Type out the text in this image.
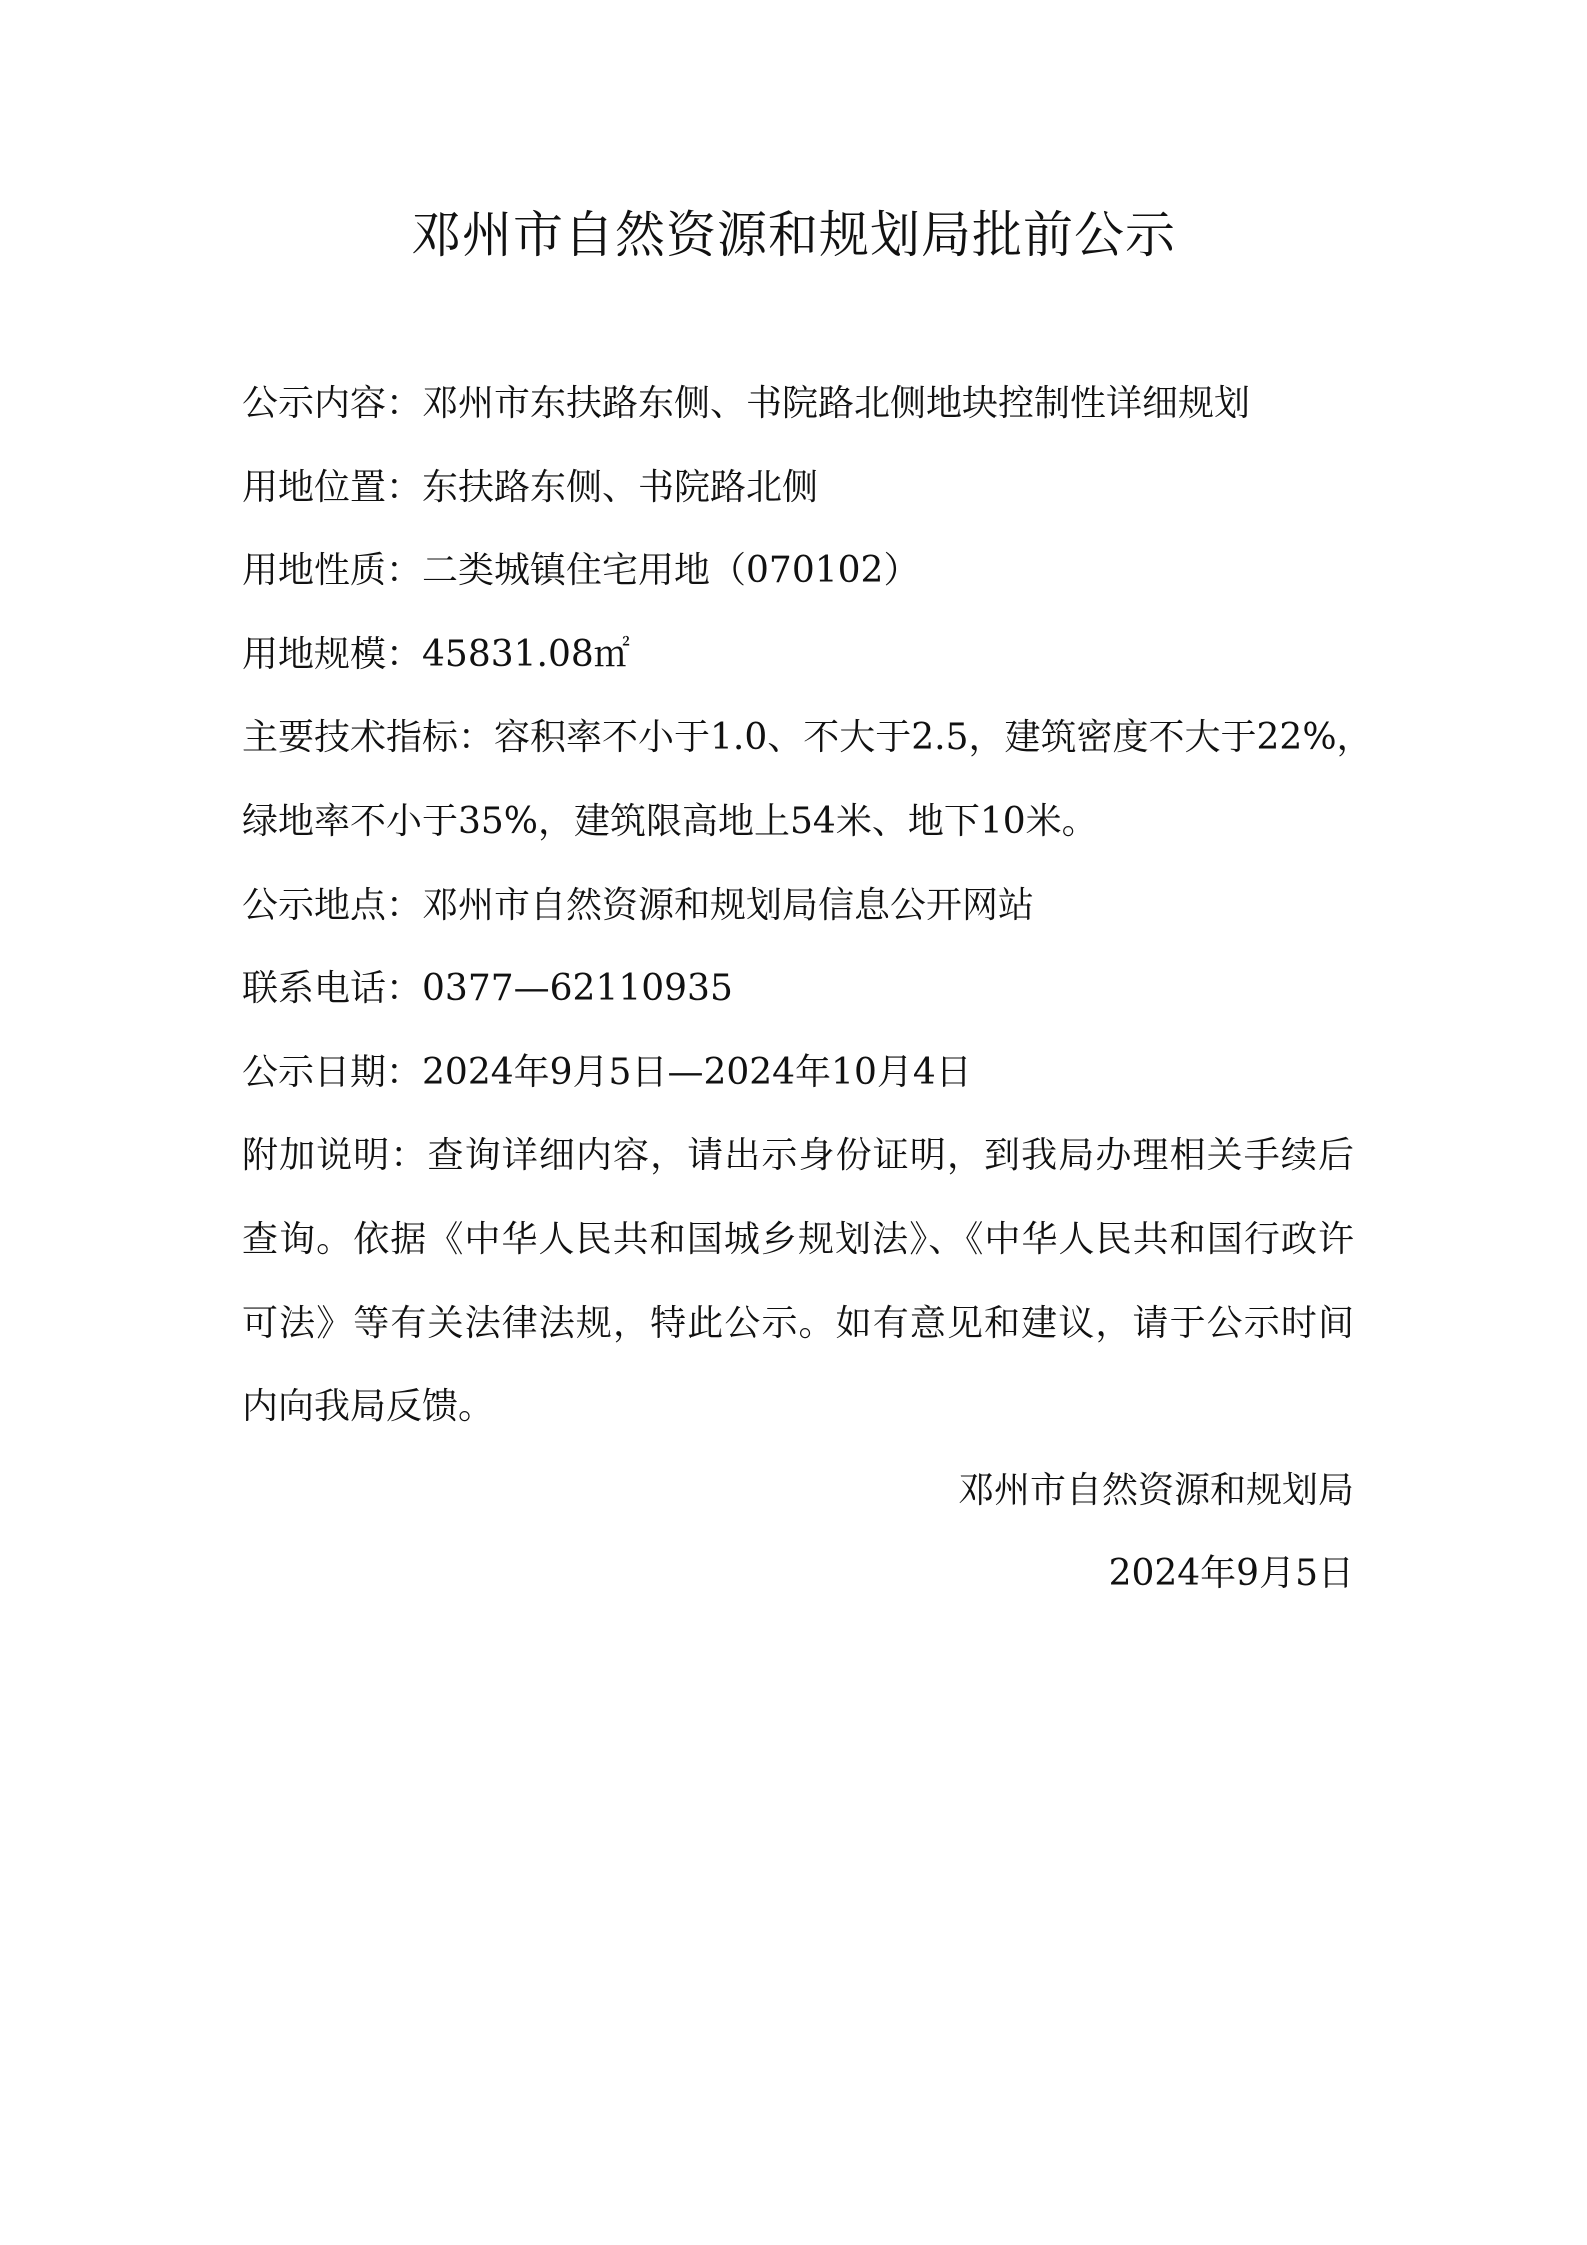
邓州市自然资源和规划局批前公示
公示内容：邓州市东扶路东侧、书院路北侧地块控制性详细规划
用地位置：东扶路东侧、书院路北侧
用地性质：二类城镇住宅用地（070102）
用地规模：45831.08㎡
主要技术指标：容积率不小于1.0、不大于2.5，建筑密度不大于22%，
绿地率不小于35%，建筑限高地上54米、地下10米。
公示地点：邓州市自然资源和规划局信息公开网站
联系电话：0377—62110935
公示日期：2024年9月5日—2024年10月4日
附加说明：查询详细内容，请出示身份证明，到我局办理相关手续后
查询。依据《中华人民共和国城乡规划法》、《中华人民共和国行政许
可法》等有关法律法规，特此公示。如有意见和建议，请于公示时间
内向我局反馈。
邓州市自然资源和规划局
2024年9月5日
